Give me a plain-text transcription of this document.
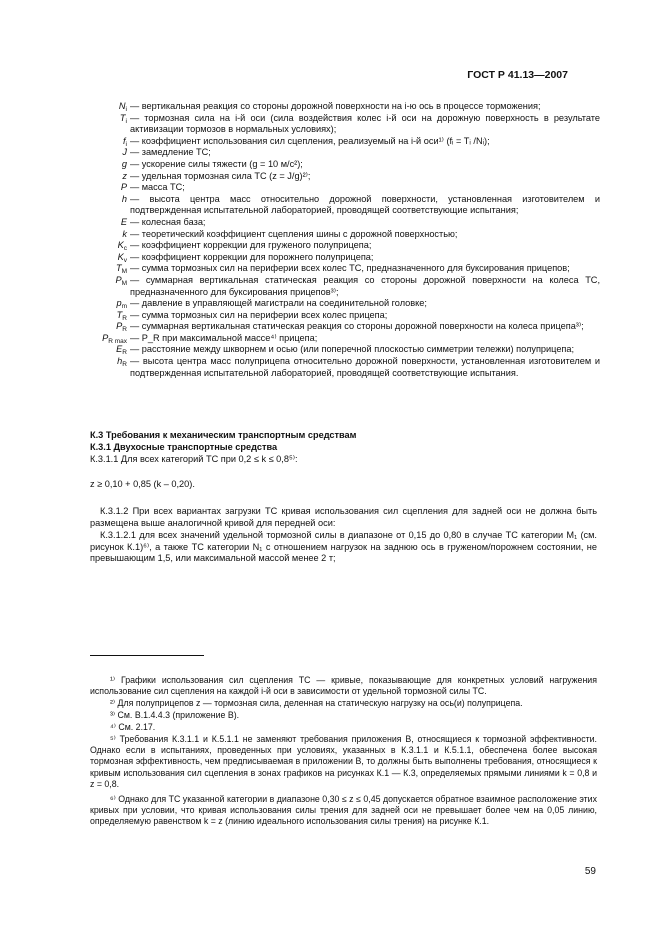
ГОСТ Р 41.13—2007
$N_i$	— вертикальная реакция со стороны дорожной поверхности на i-ю ось в процессе торможения;
$T_i$	— тормозная сила на i-й оси (сила воздействия колес i-й оси на дорожную поверхность в результате активизации тормозов в нормальных условиях);
$f_i$	— коэффициент использования сил сцепления, реализуемый на i-й оси¹⁾ (fᵢ = Tᵢ /Nᵢ);
J	— замедление ТС;
g	— ускорение силы тяжести (g = 10 м/с²);
z	— удельная тормозная сила ТС (z = J/g)²⁾;
P	— масса ТС;
h	— высота центра масс относительно дорожной поверхности, установленная изготовителем и подтвержденная испытательной лабораторией, проводящей соответствующие испытания;
E	— колесная база;
k	— теоретический коэффициент сцепления шины с дорожной поверхностью;
$K_c$	— коэффициент коррекции для груженого полуприцепа;
$K_v$	— коэффициент коррекции для порожнего полуприцепа;
$T_M$	— сумма тормозных сил на периферии всех колес ТС, предназначенного для буксирования прицепов;
$P_M$	— суммарная вертикальная статическая реакция со стороны дорожной поверхности на колеса ТС, предназначенного для буксирования прицепов³⁾;
$p_m$	— давление в управляющей магистрали на соединительной головке;
$T_R$	— сумма тормозных сил на периферии всех колес прицепа;
$P_R$	— суммарная вертикальная статическая реакция со стороны дорожной поверхности на колеса прицепа³⁾;
$P_{R max}$	— P_R при максимальной массе⁴⁾ прицепа;
$E_R$	— расстояние между шкворнем и осью (или поперечной плоскостью симметрии тележки) полуприцепа;
$h_R$	— высота центра масс полуприцепа относительно дорожной поверхности, установленная изготовителем и подтвержденная испытательной лабораторией, проводящей соответствующие испытания.
К.3 Требования к механическим транспортным средствам
К.3.1 Двухосные транспортные средства
К.3.1.1 Для всех категорий ТС при 0,2 ≤ k ≤ 0,8⁵⁾:
z ≥ 0,10 + 0,85 (k – 0,20).
К.3.1.2 При всех вариантах загрузки ТС кривая использования сил сцепления для задней оси не должна быть размещена выше аналогичной кривой для передней оси:
К.3.1.2.1 для всех значений удельной тормозной силы в диапазоне от 0,15 до 0,80 в случае ТС категории M₁ (см. рисунок К.1)⁶⁾, а также ТС категории N₁ с отношением нагрузок на заднюю ось в груженом/порожнем состоянии, не превышающим 1,5, или максимальной массой менее 2 т;
¹⁾ Графики использования сил сцепления ТС — кривые, показывающие для конкретных условий нагружения использование сил сцепления на каждой i-й оси в зависимости от удельной тормозной силы ТС.
²⁾ Для полуприцепов z — тормозная сила, деленная на статическую нагрузку на ось(и) полуприцепа.
³⁾ См. В.1.4.4.3 (приложение В).
⁴⁾ См. 2.17.
⁵⁾ Требования К.3.1.1 и К.5.1.1 не заменяют требования приложения В, относящиеся к тормозной эффективности. Однако если в испытаниях, проведенных при условиях, указанных в К.3.1.1 и К.5.1.1, обеспечена более высокая тормозная эффективность, чем предписываемая в приложении В, то должны быть выполнены требования, относящиеся к кривым использования сил сцепления в зонах графиков на рисунках К.1 — К.3, определяемых прямыми линиями k = 0,8 и z = 0,8.
⁶⁾ Однако для ТС указанной категории в диапазоне 0,30 ≤ z ≤ 0,45 допускается обратное взаимное расположение этих кривых при условии, что кривая использования силы трения для задней оси не превышает более чем на 0,05 линию, определяемую равенством k = z (линию идеального использования силы трения) на рисунке К.1.
59
